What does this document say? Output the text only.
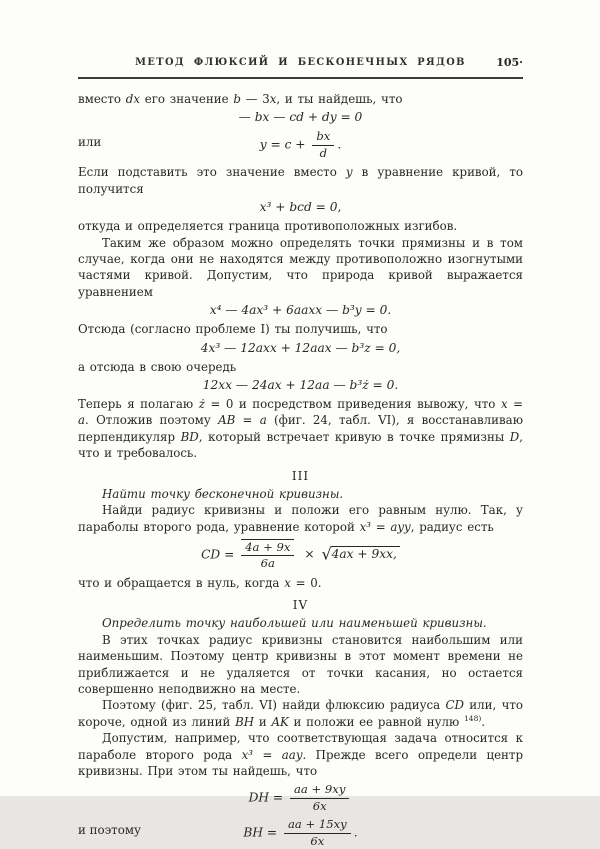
МЕТОД ФЛЮКСИЙ И БЕСКОНЕЧНЫХ РЯДОВ	105·

вместо dx его значение b — 3x, и ты найдешь, что

— bx — cd + dy = 0
или	$y = c + \frac{bx}{d}$ .

Если подставить это значение вместо y в уравнение кривой, то получится

x³ + bcd = 0,

откуда и определяется граница противоположных изгибов.

Таким же образом можно определять точки прямизны и в том случае, когда они не находятся между противоположно изогнутыми частями кривой. Допустим, что природа кривой выражается уравнением

x⁴ — 4ax³ + 6aaxx — b³y = 0.

Отсюда (согласно проблеме I) ты получишь, что

4x³ — 12axx + 12aax — b³z = 0,

а отсюда в свою очередь

12xx — 24ax + 12aa — b³ż = 0.

Теперь я полагаю ż = 0 и посредством приведения вывожу, что x = a. Отложив поэтому AB = a (фиг. 24, табл. VI), я восстанавливаю перпендикуляр BD, который встречает кривую в точке прямизны D, что и требовалось.

III

Найти точку бесконечной кривизны.

Найди радиус кривизны и положи его равным нулю. Так, у параболы второго рода, уравнение которой x³ = ayy, радиус есть

CD = $\frac{4a + 9x}{6a} \times √4ax + 9xx$,

что и обращается в нуль, когда x = 0.

IV

Определить точку наибольшей или наименьшей кривизны.

В этих точках радиус кривизны становится наибольшим или наименьшим. Поэтому центр кривизны в этот момент времени не приближается и не удаляется от точки касания, но остается совершенно неподвижно на месте.

Поэтому (фиг. 25, табл. VI) найди флюксию радиуса CD или, что короче, одной из линий BH и AK и положи ее равной нулю $^{148)}$.

Допустим, например, что соответствующая задача относится к параболе второго рода x³ = aay. Прежде всего определи центр кривизны. При этом ты найдешь, что

DH = $\frac{aa + 9xy}{6x}$
и поэтому	BH = $\frac{aa + 15xy}{6x}$ .
